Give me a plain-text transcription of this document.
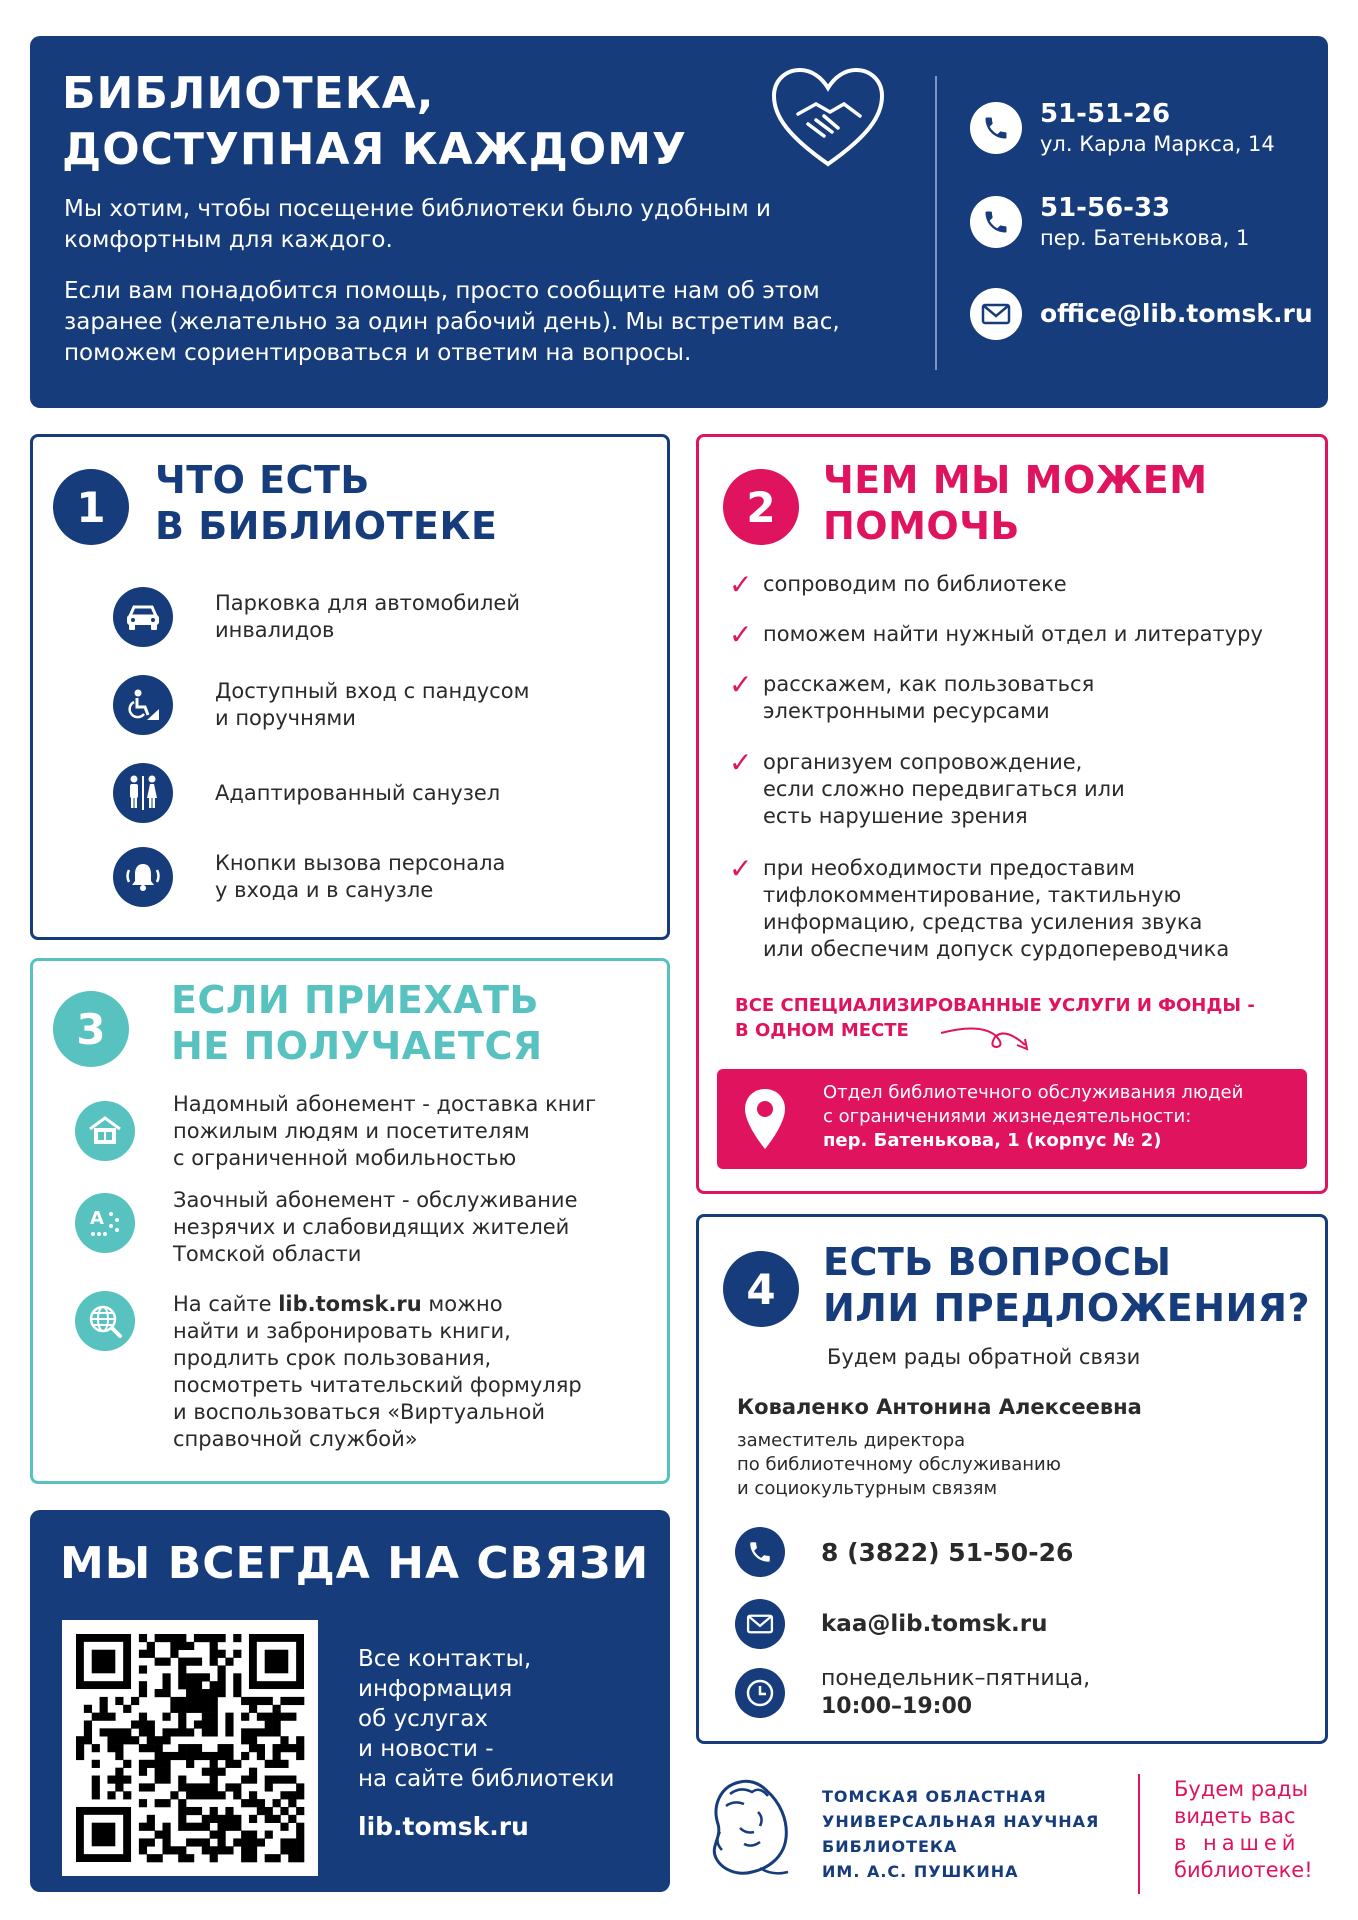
БИБЛИОТЕКА,
ДОСТУПНАЯ КАЖДОМУ
Мы хотим, чтобы посещение библиотеки было удобным и комфортным для каждого.
Если вам понадобится помощь, просто сообщите нам об этом заранее (желательно за один рабочий день). Мы встретим вас, поможем сориентироваться и ответим на вопросы.
51-51-26
ул. Карла Маркса, 14
51-56-33
пер. Батенькова, 1
office@lib.tomsk.ru
1
ЧТО ЕСТЬ
В БИБЛИОТЕКЕ
Парковка для автомобилей
инвалидов
Доступный вход с пандусом
и поручнями
Адаптированный санузел
Кнопки вызова персонала
у входа и в санузле
2
ЧЕМ МЫ МОЖЕМ
ПОМОЧЬ
✓ сопроводим по библиотеке
✓ поможем найти нужный отдел и литературу
✓ расскажем, как пользоваться
электронными ресурсами
✓ организуем сопровождение,
если сложно передвигаться или
есть нарушение зрения
✓ при необходимости предоставим
тифлокомментирование, тактильную
информацию, средства усиления звука
или обеспечим допуск сурдопереводчика
ВСЕ СПЕЦИАЛИЗИРОВАННЫЕ УСЛУГИ И ФОНДЫ -
В ОДНОМ МЕСТЕ
Отдел библиотечного обслуживания людей
с ограничениями жизнедеятельности:
пер. Батенькова, 1 (корпус № 2)
3
ЕСЛИ ПРИЕХАТЬ
НЕ ПОЛУЧАЕТСЯ
Надомный абонемент - доставка книг
пожилым людям и посетителям
с ограниченной мобильностью
A
Заочный абонемент - обслуживание
незрячих и слабовидящих жителей
Томской области
На сайте lib.tomsk.ru можно
найти и забронировать книги,
продлить срок пользования,
посмотреть читательский формуляр
и воспользоваться «Виртуальной
справочной службой»
4
ЕСТЬ ВОПРОСЫ
ИЛИ ПРЕДЛОЖЕНИЯ?
Будем рады обратной связи
Коваленко Антонина Алексеевна
заместитель директора
по библиотечному обслуживанию
и социокультурным связям
8 (3822) 51-50-26
kaa@lib.tomsk.ru
понедельник–пятница,
10:00–19:00
МЫ ВСЕГДА НА СВЯЗИ
Все контакты,
информация
об услугах
и новости -
на сайте библиотеки
lib.tomsk.ru
ТОМСКАЯ ОБЛАСТНАЯ
УНИВЕРСАЛЬНАЯ НАУЧНАЯ
БИБЛИОТЕКА
ИМ. А.С. ПУШКИНА
Будем рады
видеть вас
в нашей
библиотеке!
